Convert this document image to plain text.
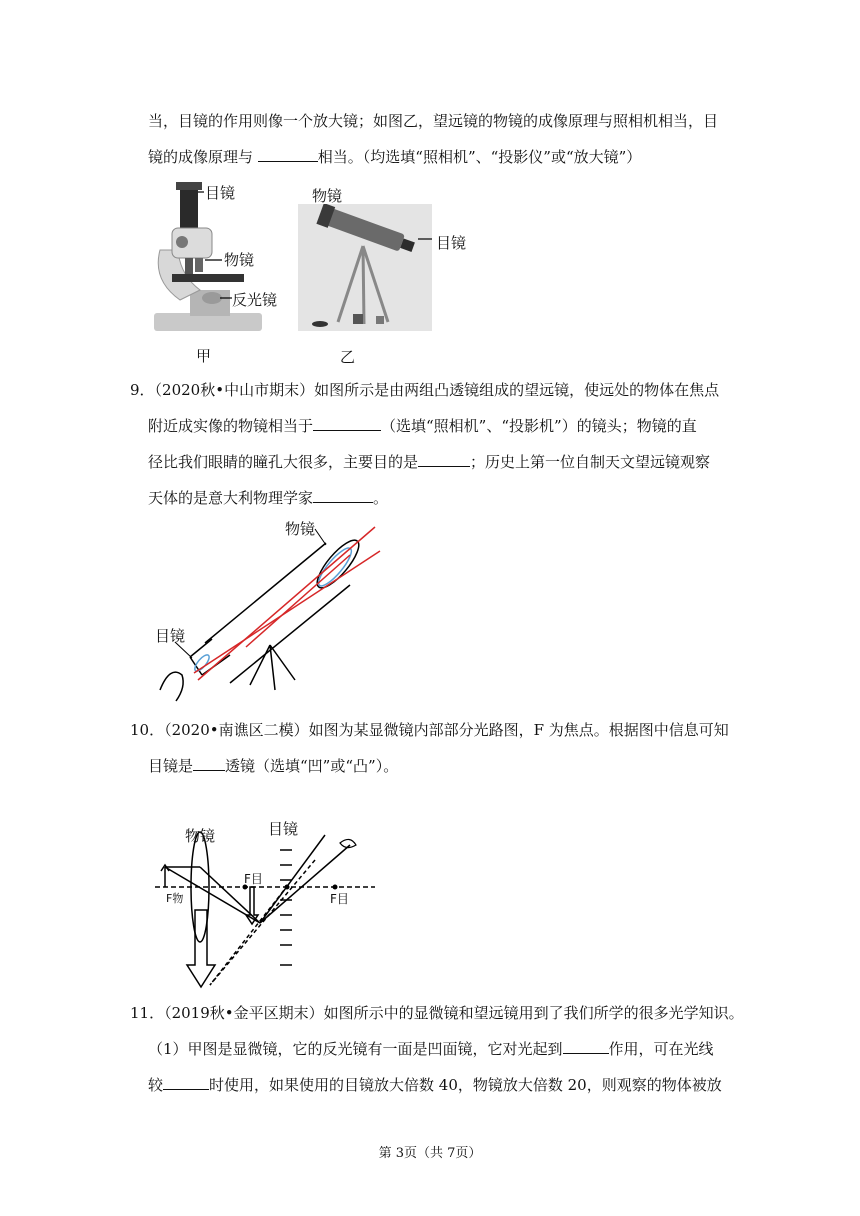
当，目镜的作用则像一个放大镜；如图乙，望远镜的物镜的成像原理与照相机相当，目
镜的成像原理与	相当。（均选填“照相机”、“投影仪”或“放大镜”）
目镜
物镜
反光镜
甲
物镜
目镜
乙
9．（2020秋•中山市期末）如图所示是由两组凸透镜组成的望远镜，使远处的物体在焦点
附近成实像的物镜相当于	（选填“照相机”、“投影机”）的镜头；物镜的直
径比我们眼睛的瞳孔大很多，主要目的是	；历史上第一位自制天文望远镜观察
天体的是意大利物理学家	。
物镜
目镜
10．（2020•南谯区二模）如图为某显微镜内部部分光路图，F 为焦点。根据图中信息可知
目镜是 透镜（选填“凹”或“凸”）。
物镜	目镜
F目
F物	F目
11．（2019秋•金平区期末）如图所示中的显微镜和望远镜用到了我们所学的很多光学知识。
（1）甲图是显微镜，它的反光镜有一面是凹面镜，它对光起到	作用，可在光线
较	时使用，如果使用的目镜放大倍数 40，物镜放大倍数 20，则观察的物体被放
第 3页（共 7页）
